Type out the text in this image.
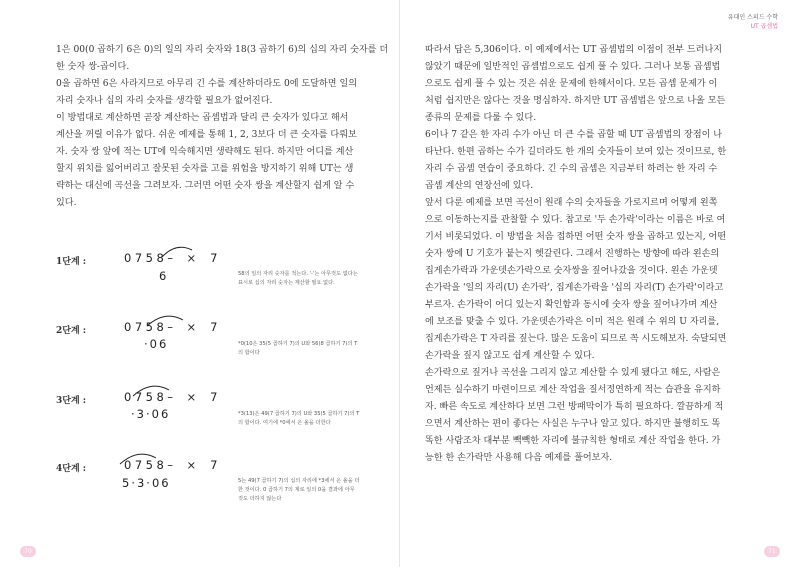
유대인 스피드 수학
UT 곱셈법
1은 00(0 곱하기 6은 0)의 일의 자리 숫자와 18(3 곱하기 6)의 십의 자리 숫자를 더
한 숫자 쌍-곱이다.
0을 곱하면 6은 사라지므로 아무리 긴 수를 계산하더라도 0에 도달하면 일의
자리 숫자나 십의 자리 숫자를 생각할 필요가 없어진다.
이 방법대로 계산하면 곧장 계산하는 곱셈법과 달리 큰 숫자가 있다고 해서
계산을 꺼릴 이유가 없다. 쉬운 예제를 통해 1, 2, 3보다 더 큰 숫자를 다뤄보
자. 숫자 쌍 앞에 적는 UT에 익숙해지면 생략해도 된다. 하지만 어디를 계산
할지 위치를 잃어버리고 잘못된 숫자를 고를 위험을 방지하기 위해 UT는 생
략하는 대신에 곡선을 그려보자. 그러면 어떤 숫자 쌍을 계산할지 쉽게 알 수
있다.
1단계 :	0758– × 7
6	58의 일의 자리 숫자를 적는다. '-'는 아무것도 없다는
표시로 십의 자리 숫자는 계산할 필요 없다.
2단계 :	0758– × 7
·06	*0(10은 35(5 곱하기 7)의 U와 56(8 곱하기 7)의 T
의 합이다
3단계 :	0758– × 7
·3·06	*3(13)은 49(7 곱하기 7)의 U와 35(5 곱하기 7)의 T
의 합이다. 여기에 *0에서 온 올을 더한다
4단계 :	0758– × 7
5·3·06	5는 49(7 곱하기 7)의 십의 자리에 *3에서 온 올을 더
한 것이다. 0 곱하기 7의 제로 일의 0을 결과에 아무
것도 더하지 않는다
70
따라서 답은 5,306이다. 이 예제에서는 UT 곱셈법의 이점이 전부 드러나지
않았기 때문에 일반적인 곱셈법으로도 쉽게 풀 수 있다. 그러나 보통 곱셈법
으로도 쉽게 풀 수 있는 것은 쉬운 문제에 한해서이다. 모든 곱셈 문제가 이
처럼 쉽지만은 않다는 것을 명심하자. 하지만 UT 곱셈법은 앞으로 나올 모든
종류의 문제를 다룰 수 있다.
6이나 7 같은 한 자리 수가 아닌 더 큰 수를 곱할 때 UT 곱셈법의 장점이 나
타난다. 한편 곱하는 수가 길더라도 한 개의 숫자들이 보여 있는 것이므로, 한
자리 수 곱셈 연습이 중요하다. 긴 수의 곱셈은 지금부터 하려는 한 자리 수
곱셈 계산의 연장선에 있다.
앞서 다룬 예제를 보면 곡선이 원래 수의 숫자들을 가로지르며 어떻게 왼쪽
으로 이동하는지를 관찰할 수 있다. 참고로 '두 손가락'이라는 이름은 바로 여
기서 비롯되었다. 이 방법을 처음 접하면 어떤 숫자 쌍을 곱하고 있는지, 어떤
숫자 쌍에 U 기호가 붙는지 헷갈린다. 그래서 진행하는 방향에 따라 왼손의
집게손가락과 가운뎃손가락으로 숫자쌍을 짚어나갔을 것이다. 왼손 가운뎃
손가락을 '일의 자리(U) 손가락', 집게손가락을 '십의 자리(T) 손가락'이라고
부르자. 손가락이 어디 있는지 확인함과 동시에 숫자 쌍을 짚어나가며 계산
에 보조를 맞출 수 있다. 가운뎃손가락은 이미 적은 원래 수 위의 U 자리를,
집게손가락은 T 자리를 짚는다. 많은 도움이 되므로 꼭 시도해보자. 숙달되면
손가락을 짚지 않고도 쉽게 계산할 수 있다.
손가락으로 짚거나 곡선을 그리지 않고 계산할 수 있게 됐다고 해도, 사람은
언제든 실수하기 마련이므로 계산 작업을 질서정연하게 적는 습관을 유지하
자. 빠른 속도로 계산하다 보면 그런 방패막이가 특히 필요하다. 깔끔하게 적
으면서 계산하는 편이 좋다는 사실은 누구나 알고 있다. 하지만 불행히도 똑
똑한 사람조차 대부분 빽빽한 자리에 불규칙한 형태로 계산 작업을 한다. 가
능한 한 손가락만 사용해 다음 예제를 풀어보자.
71
